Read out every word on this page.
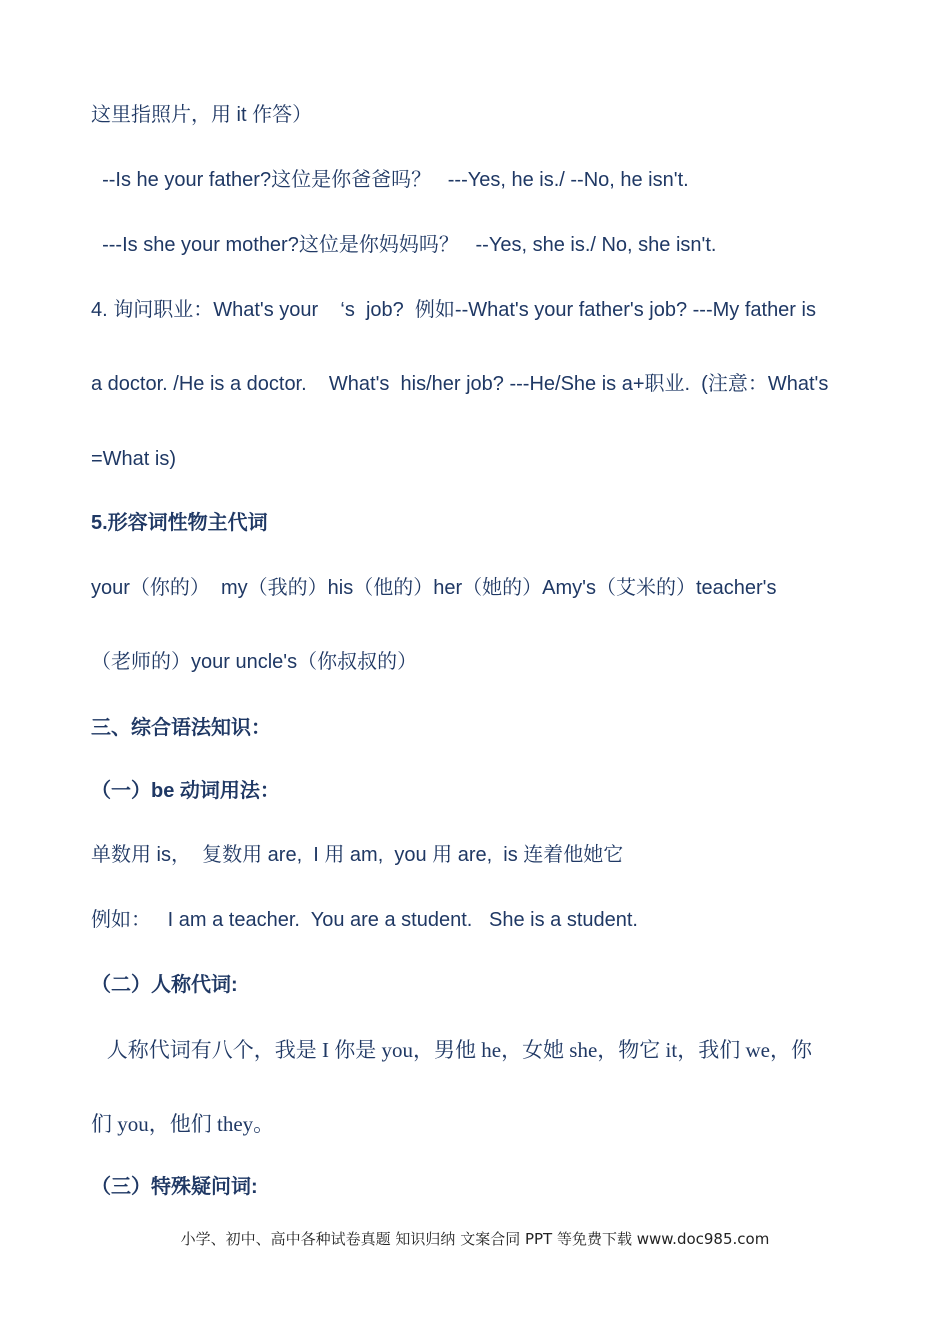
这里指照片，用 it 作答）
--Is he your father?这位是你爸爸吗？   ---Yes, he is./ --No, he isn't.
---Is she your mother?这位是你妈妈吗？   --Yes, she is./ No, she isn't.
4. 询问职业：What's your    ‘s  job?  例如--What's your father's job? ---My father is
a doctor. /He is a doctor.    What's  his/her job? ---He/She is a+职业.  (注意：What's
=What is)
5.形容词性物主代词
your（你的）  my（我的）his（他的）her（她的）Amy's（艾米的）teacher's
（老师的）your uncle's（你叔叔的）
三、综合语法知识：
（一）be 动词用法：
单数用 is，  复数用 are,  I 用 am,  you 用 are,  is 连着他她它
例如：   I am a teacher.  You are a student.   She is a student.
（二）人称代词:
人称代词有八个，我是 I 你是 you，男他 he，女她 she，物它 it，我们 we，你
们 you，他们 they。
（三）特殊疑问词:
小学、初中、高中各种试卷真题 知识归纳 文案合同 PPT 等免费下载 www.doc985.com
